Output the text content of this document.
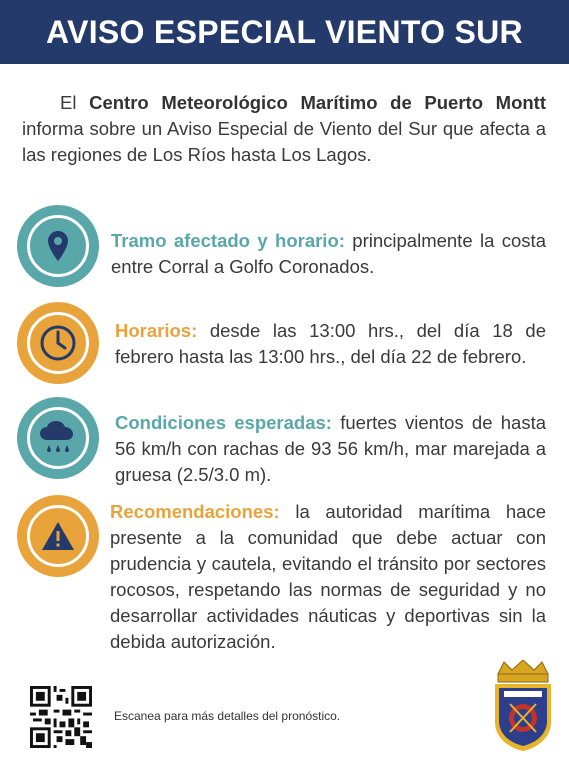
AVISO ESPECIAL VIENTO SUR
El Centro Meteorológico Marítimo de Puerto Montt informa sobre un Aviso Especial de Viento del Sur que afecta a las regiones de Los Ríos hasta Los Lagos.
Tramo afectado y horario: principalmente la costa entre Corral a Golfo Coronados.
Horarios: desde las 13:00 hrs., del día 18 de febrero hasta las 13:00 hrs., del día 22 de febrero.
Condiciones esperadas: fuertes vientos de hasta 56 km/h con rachas de 93 56 km/h, mar marejada a gruesa (2.5/3.0 m).
Recomendaciones: la autoridad marítima hace presente a la comunidad que debe actuar con prudencia y cautela, evitando el tránsito por sectores rocosos, respetando las normas de seguridad y no desarrollar actividades náuticas y deportivas sin la debida autorización.
Escanea para más detalles del pronóstico.
